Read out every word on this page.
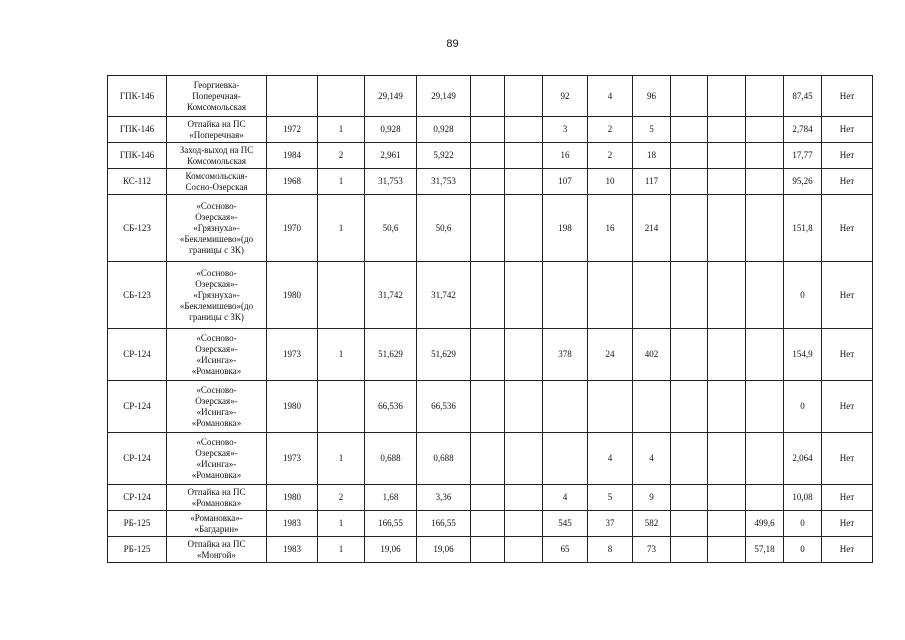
89
ГПК-146	Георгиевка-
Поперечная-
Комсомольская			29,149	29,149			92	4	96				87,45	Нет
ГПК-146	Отпайка на ПС
«Поперечная»	1972	1	0,928	0,928			3	2	5				2,784	Нет
ГПК-146	Заход-выход на ПС
Комсомольская	1984	2	2,961	5,922			16	2	18				17,77	Нет
КС-112	Комсомольская-
Сосно-Озерская	1968	1	31,753	31,753			107	10	117				95,26	Нет
СБ-123	«Сосново-
Озерская»-
«Грязнуха»-
«Беклемишево»(до
границы с ЗК)	1970	1	50,6	50,6			198	16	214				151,8	Нет
СБ-123	«Сосново-
Озерская»-
«Грязнуха»-
«Беклемишево»(до
границы с ЗК)	1980		31,742	31,742									0	Нет
СР-124	«Сосново-
Озерская»-
«Исинга»-
«Романовка»	1973	1	51,629	51,629			378	24	402				154,9	Нет
СР-124	«Сосново-
Озерская»-
«Исинга»-
«Романовка»	1980		66,536	66,536									0	Нет
СР-124	«Сосново-
Озерская»-
«Исинга»-
«Романовка»	1973	1	0,688	0,688				4	4				2,064	Нет
СР-124	Отпайка на ПС
«Романовка»	1980	2	1,68	3,36			4	5	9				10,08	Нет
РБ-125	«Романовка»-
«Багдарин»	1983	1	166,55	166,55			545	37	582			499,6	0	Нет
РБ-125	Отпайка на ПС
«Монгой»	1983	1	19,06	19,06			65	8	73			57,18	0	Нет
